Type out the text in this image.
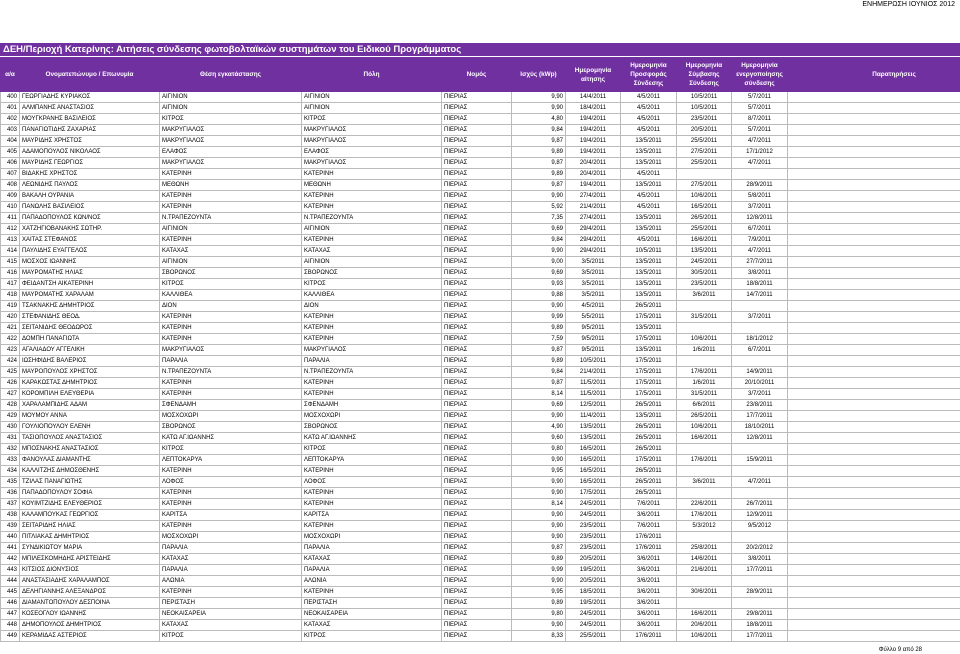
ΕΝΗΜΕΡΩΣΗ ΙΟΥΝΙΟΣ 2012
ΔΕΗ/Περιοχή Κατερίνης: Αιτήσεις σύνδεσης φωτοβολταϊκών συστημάτων του Ειδικού Προγράμματος
α/α	Ονοματεπώνυμο / Επωνυμία	Θέση εγκατάστασης	Πόλη	Νομός	Ισχύς (kWp)	Ημερομηνία αίτησης	Ημερομηνία Προσφοράς Σύνδεσης	Ημερομηνία Σύμβασης Σύνδεσης	Ημερομηνία ενεργοποίησης σύνδεσης	Παρατηρήσεις
400	ΓΕΩΡΓΙΑΔΗΣ ΚΥΡΙΑΚΟΣ	ΑΙΓΙΝΙΟΝ	ΑΙΓΙΝΙΟΝ	ΠΙΕΡΙΑΣ	9,90	14/4/2011	4/5/2011	10/5/2011	5/7/2011	
401	ΑΛΜΠΑΝΗΣ ΑΝΑΣΤΑΣΙΟΣ	ΑΙΓΙΝΙΟΝ	ΑΙΓΙΝΙΟΝ	ΠΙΕΡΙΑΣ	9,90	18/4/2011	4/5/2011	10/5/2011	5/7/2011	
402	ΜΟΥΓΚΡΑΝΗΣ ΒΑΣΙΛΕΙΟΣ	ΚΙΤΡΟΣ	ΚΙΤΡΟΣ	ΠΙΕΡΙΑΣ	4,80	19/4/2011	4/5/2011	23/5/2011	8/7/2011	
403	ΠΑΝΑΓΙΩΤΙΔΗΣ ΖΑΧΑΡΙΑΣ	ΜΑΚΡΥΓΙΑΛΟΣ	ΜΑΚΡΥΓΙΑΛΟΣ	ΠΙΕΡΙΑΣ	9,84	19/4/2011	4/5/2011	20/5/2011	5/7/2011	
404	ΜΑΥΡΙΔΗΣ ΧΡΗΣΤΟΣ	ΜΑΚΡΥΓΙΑΛΟΣ	ΜΑΚΡΥΓΙΑΛΟΣ	ΠΙΕΡΙΑΣ	9,87	19/4/2011	13/5/2011	25/5/2011	4/7/2011	
405	ΑΔΑΜΟΠΟΥΛΟΣ ΝΙΚΟΛΑΟΣ	ΕΛΑΦΟΣ	ΕΛΑΦΟΣ	ΠΙΕΡΙΑΣ	9,89	19/4/2011	13/5/2011	27/5/2011	17/1/2012	
406	ΜΑΥΡΙΔΗΣ ΓΕΩΡΓΙΟΣ	ΜΑΚΡΥΓΙΑΛΟΣ	ΜΑΚΡΥΓΙΑΛΟΣ	ΠΙΕΡΙΑΣ	9,87	20/4/2011	13/5/2011	25/5/2011	4/7/2011	
407	ΒΙΔΑΚΗΣ ΧΡΗΣΤΟΣ	ΚΑΤΕΡΙΝΗ	ΚΑΤΕΡΙΝΗ	ΠΙΕΡΙΑΣ	9,89	20/4/2011	4/5/2011			
408	ΛΕΩΝΙΔΗΣ ΠΑΥΛΟΣ	ΜΕΘΩΝΗ	ΜΕΘΩΝΗ	ΠΙΕΡΙΑΣ	9,87	19/4/2011	13/5/2011	27/5/2011	28/9/2011	
409	ΒΑΚΑΛΗ ΟΥΡΑΝΙΑ	ΚΑΤΕΡΙΝΗ	ΚΑΤΕΡΙΝΗ	ΠΙΕΡΙΑΣ	9,90	27/4/2011	4/5/2011	10/6/2011	5/8/2011	
410	ΠΑΝΩΛΗΣ ΒΑΣΙΛΕΙΟΣ	ΚΑΤΕΡΙΝΗ	ΚΑΤΕΡΙΝΗ	ΠΙΕΡΙΑΣ	5,92	21/4/2011	4/5/2011	16/5/2011	3/7/2011	
411	ΠΑΠΑΔΟΠΟΥΛΟΣ ΚΩΝ/ΝΟΣ	Ν.ΤΡΑΠΕΖΟΥΝΤΑ	Ν.ΤΡΑΠΕΖΟΥΝΤΑ	ΠΙΕΡΙΑΣ	7,35	27/4/2011	13/5/2011	26/5/2011	12/8/2011	
412	ΧΑΤΖΗΓΙΟΒΑΝΑΚΗΣ ΣΩΤΗΡ.	ΑΙΓΙΝΙΟΝ	ΑΙΓΙΝΙΟΝ	ΠΙΕΡΙΑΣ	9,69	29/4/2011	13/5/2011	25/5/2011	6/7/2011	
413	ΧΑΙΤΑΣ ΣΤΕΦΑΝΟΣ	ΚΑΤΕΡΙΝΗ	ΚΑΤΕΡΙΝΗ	ΠΙΕΡΙΑΣ	9,84	29/4/2011	4/5/2011	16/6/2011	7/9/2011	
414	ΠΑΥΛΙΔΗΣ ΕΥΑΓΓΕΛΟΣ	ΚΑΤΑΧΑΣ	ΚΑΤΑΧΑΣ	ΠΙΕΡΙΑΣ	9,90	29/4/2011	10/5/2011	13/5/2011	4/7/2011	
415	ΜΟΣΧΟΣ ΙΩΑΝΝΗΣ	ΑΙΓΙΝΙΟΝ	ΑΙΓΙΝΙΟΝ	ΠΙΕΡΙΑΣ	9,00	3/5/2011	13/5/2011	24/5/2011	27/7/2011	
416	ΜΑΥΡΟΜΑΤΗΣ ΗΛΙΑΣ	ΣΒΟΡΩΝΟΣ	ΣΒΟΡΩΝΟΣ	ΠΙΕΡΙΑΣ	9,69	3/5/2011	13/5/2011	30/5/2011	3/8/2011	
417	ΦΕΙΔΑΝΤΣΗ ΑΙΚΑΤΕΡΙΝΗ	ΚΙΤΡΟΣ	ΚΙΤΡΟΣ	ΠΙΕΡΙΑΣ	9,93	3/5/2011	13/5/2011	23/5/2011	18/8/2011	
418	ΜΑΥΡΟΜΑΤΗΣ ΧΑΡΑΛΑΜ	ΚΑΛΛΙΘΕΑ	ΚΑΛΛΙΘΕΑ	ΠΙΕΡΙΑΣ	9,88	3/5/2011	13/5/2011	3/6/2011	14/7/2011	
419	ΤΣΑΚΝΑΚΗΣ ΔΗΜΗΤΡΙΟΣ	ΔΙΟΝ	ΔΙΟΝ	ΠΙΕΡΙΑΣ	9,90	4/5/2011	26/5/2011			
420	ΣΤΕΦΑΝΙΔΗΣ ΘΕΟΔ.	ΚΑΤΕΡΙΝΗ	ΚΑΤΕΡΙΝΗ	ΠΙΕΡΙΑΣ	9,99	5/5/2011	17/5/2011	31/5/2011	3/7/2011	
421	ΣΕΙΤΑΝΙΔΗΣ ΘΕΟΔΩΡΟΣ	ΚΑΤΕΡΙΝΗ	ΚΑΤΕΡΙΝΗ	ΠΙΕΡΙΑΣ	9,89	9/5/2011	13/5/2011			
422	ΔΟΜΠΗ ΠΑΝΑΓΙΩΤΑ	ΚΑΤΕΡΙΝΗ	ΚΑΤΕΡΙΝΗ	ΠΙΕΡΙΑΣ	7,59	9/5/2011	17/5/2011	10/6/2011	18/1/2012	
423	ΑΓΑΛΙΑΔΟΥ ΑΓΓΕΛΙΚΗ	ΜΑΚΡΥΓΙΑΛΟΣ	ΜΑΚΡΥΓΙΑΛΟΣ	ΠΙΕΡΙΑΣ	9,87	9/5/2011	13/5/2011	1/6/2011	6/7/2011	
424	ΙΩΣΗΦΙΔΗΣ ΒΑΛΕΡΙΟΣ	ΠΑΡΑΛΙΑ	ΠΑΡΑΛΙΑ	ΠΙΕΡΙΑΣ	9,89	10/5/2011	17/5/2011			
425	ΜΑΥΡΟΠΟΥΛΟΣ ΧΡΗΣΤΟΣ	Ν.ΤΡΑΠΕΖΟΥΝΤΑ	Ν.ΤΡΑΠΕΖΟΥΝΤΑ	ΠΙΕΡΙΑΣ	9,84	21/4/2011	17/5/2011	17/6/2011	14/9/2011	
426	ΚΑΡΑΚΩΣΤΑΣ ΔΗΜΗΤΡΙΟΣ	ΚΑΤΕΡΙΝΗ	ΚΑΤΕΡΙΝΗ	ΠΙΕΡΙΑΣ	9,87	11/5/2011	17/5/2011	1/6/2011	20/10/2011	
427	ΚΟΡΟΜΠΙΛΗ ΕΛΕΥΘΕΡΙΑ	ΚΑΤΕΡΙΝΗ	ΚΑΤΕΡΙΝΗ	ΠΙΕΡΙΑΣ	8,14	11/5/2011	17/5/2011	31/5/2011	3/7/2011	
428	ΧΑΡΑΛΑΜΠΙΔΗΣ ΑΔΑΜ	ΣΦΕΝΔΑΜΗ	ΣΦΕΝΔΑΜΗ	ΠΙΕΡΙΑΣ	9,69	12/5/2011	26/5/2011	6/6/2011	23/8/2011	
429	ΜΟΥΜΟΥ ΑΝΝΑ	ΜΟΣΧΟΧΩΡΙ	ΜΟΣΧΟΧΩΡΙ	ΠΙΕΡΙΑΣ	9,90	11/4/2011	13/5/2011	26/5/2011	17/7/2011	
430	ΓΟΥΛΙΟΠΟΥΛΟΥ ΕΛΕΝΗ	ΣΒΟΡΩΝΟΣ	ΣΒΟΡΩΝΟΣ	ΠΙΕΡΙΑΣ	4,90	13/5/2011	26/5/2011	10/6/2011	18/10/2011	
431	ΤΑΣΙΟΠΟΥΛΟΣ ΑΝΑΣΤΑΣΙΟΣ	ΚΑΤΩ ΑΓ.ΙΩΑΝΝΗΣ	ΚΑΤΩ ΑΓ.ΙΩΑΝΝΗΣ	ΠΙΕΡΙΑΣ	9,60	13/5/2011	26/5/2011	16/6/2011	12/8/2011	
432	ΜΠΟΣΝΑΚΗΣ ΑΝΑΣΤΑΣΙΟΣ	ΚΙΤΡΟΣ	ΚΙΤΡΟΣ	ΠΙΕΡΙΑΣ	9,80	16/5/2011	26/5/2011			
433	ΦΑΝΟΥΛΑΣ ΔΙΑΜΑΝΤΗΣ	ΛΕΠΤΟΚΑΡΥΑ	ΛΕΠΤΟΚΑΡΥΑ	ΠΙΕΡΙΑΣ	9,90	16/5/2011	17/5/2011	17/6/2011	15/9/2011	
434	ΚΑΛΛΙΤΖΗΣ ΔΗΜΟΣΘΕΝΗΣ	ΚΑΤΕΡΙΝΗ	ΚΑΤΕΡΙΝΗ	ΠΙΕΡΙΑΣ	9,95	16/5/2011	26/5/2011			
435	ΤΖΙΛΑΣ ΠΑΝΑΓΙΩΤΗΣ	ΛΟΦΟΣ	ΛΟΦΟΣ	ΠΙΕΡΙΑΣ	9,90	16/5/2011	26/5/2011	3/6/2011	4/7/2011	
436	ΠΑΠΑΔΟΠΟΥΛΟΥ ΣΟΦΙΑ	ΚΑΤΕΡΙΝΗ	ΚΑΤΕΡΙΝΗ	ΠΙΕΡΙΑΣ	9,90	17/5/2011	26/5/2011			
437	ΚΟΥΙΜΤΖΙΔΗΣ ΕΛΕΥΘΕΡΙΟΣ	ΚΑΤΕΡΙΝΗ	ΚΑΤΕΡΙΝΗ	ΠΙΕΡΙΑΣ	8,14	24/5/2011	7/6/2011	22/6/2011	26/7/2011	
438	ΚΑΛΑΜΠΟΥΚΑΣ ΓΕΩΡΓΙΟΣ	ΚΑΡΙΤΣΑ	ΚΑΡΙΤΣΑ	ΠΙΕΡΙΑΣ	9,90	24/5/2011	3/6/2011	17/6/2011	12/9/2011	
439	ΣΕΙΤΑΡΙΔΗΣ ΗΛΙΑΣ	ΚΑΤΕΡΙΝΗ	ΚΑΤΕΡΙΝΗ	ΠΙΕΡΙΑΣ	9,90	23/5/2011	7/6/2011	5/3/2012	9/5/2012	
440	ΠΙΤΛΙΑΚΑΣ ΔΗΜΗΤΡΙΟΣ	ΜΟΣΧΟΧΩΡΙ	ΜΟΣΧΟΧΩΡΙ	ΠΙΕΡΙΑΣ	9,90	23/5/2011	17/6/2011			
441	ΣΥΝΔΙΚΙΩΤΟΥ ΜΑΡΙΑ	ΠΑΡΑΛΙΑ	ΠΑΡΑΛΙΑ	ΠΙΕΡΙΑΣ	9,87	23/5/2011	17/6/2011	25/8/2011	20/2/2012	
442	ΜΠΙΛΕΣΚΟΜΗΔΗΣ ΑΡΙΣΤΕΙΔΗΣ	ΚΑΤΑΧΑΣ	ΚΑΤΑΧΑΣ	ΠΙΕΡΙΑΣ	9,89	20/5/2011	3/6/2011	14/6/2011	3/8/2011	
443	ΚΙΤΣΙΟΣ ΔΙΟΝΥΣΙΟΣ	ΠΑΡΑΛΙΑ	ΠΑΡΑΛΙΑ	ΠΙΕΡΙΑΣ	9,99	19/5/2011	3/6/2011	21/6/2011	17/7/2011	
444	ΑΝΑΣΤΑΣΙΑΔΗΣ ΧΑΡΑΛΑΜΠΟΣ	ΑΛΩΝΙΑ	ΑΛΩΝΙΑ	ΠΙΕΡΙΑΣ	9,90	20/5/2011	3/6/2011			
445	ΔΕΛΗΓΙΑΝΝΗΣ ΑΛΕΞΑΝΔΡΟΣ	ΚΑΤΕΡΙΝΗ	ΚΑΤΕΡΙΝΗ	ΠΙΕΡΙΑΣ	9,95	18/5/2011	3/6/2011	30/6/2011	28/9/2011	
446	ΔΙΑΜΑΝΤΟΠΟΥΛΟΥ ΔΕΣΠΟΙΝΑ	ΠΕΡΙΣΤΑΣΗ	ΠΕΡΙΣΤΑΣΗ	ΠΙΕΡΙΑΣ	9,89	19/5/2011	3/6/2011			
447	ΚΟΣΕΟΓΛΟΥ ΙΩΑΝΝΗΣ	ΝΕΟΚΑΙΣΑΡΕΙΑ	ΝΕΟΚΑΙΣΑΡΕΙΑ	ΠΙΕΡΙΑΣ	9,80	24/5/2011	3/6/2011	16/6/2011	29/8/2011	
448	ΔΗΜΟΠΟΥΛΟΣ ΔΗΜΗΤΡΙΟΣ	ΚΑΤΑΧΑΣ	ΚΑΤΑΧΑΣ	ΠΙΕΡΙΑΣ	9,90	24/5/2011	3/6/2011	20/6/2011	18/8/2011	
449	ΚΕΡΑΜΙΔΑΣ ΑΣΤΕΡΙΟΣ	ΚΙΤΡΟΣ	ΚΙΤΡΟΣ	ΠΙΕΡΙΑΣ	8,33	25/5/2011	17/6/2011	10/6/2011	17/7/2011	
Φύλλο 9 από 28
